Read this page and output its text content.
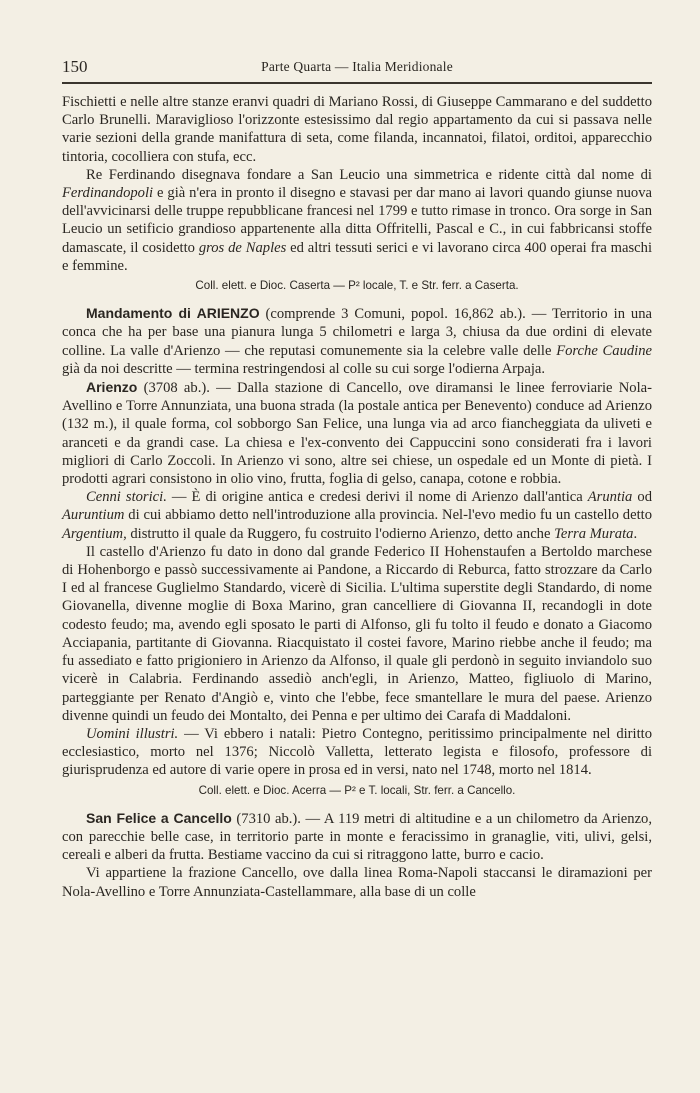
150	Parte Quarta — Italia Meridionale

Fischietti e nelle altre stanze eranvi quadri di Mariano Rossi, di Giuseppe Cammarano e del suddetto Carlo Brunelli. Maraviglioso l'orizzonte estesissimo dal regio appartamento da cui si passava nelle varie sezioni della grande manifattura di seta, come filanda, incannatoi, filatoi, orditoi, apparecchio tintoria, cocolliera con stufa, ecc.

Re Ferdinando disegnava fondare a San Leucio una simmetrica e ridente città dal nome di Ferdinandopoli e già n'era in pronto il disegno e stavasi per dar mano ai lavori quando giunse nuova dell'avvicinarsi delle truppe repubblicane francesi nel 1799 e tutto rimase in tronco. Ora sorge in San Leucio un setificio grandioso appartenente alla ditta Offritelli, Pascal e C., in cui fabbricansi stoffe damascate, il cosidetto gros de Naples ed altri tessuti serici e vi lavorano circa 400 operai fra maschi e femmine.

Coll. elett. e Dioc. Caserta — P² locale, T. e Str. ferr. a Caserta.

Mandamento di ARIENZO (comprende 3 Comuni, popol. 16,862 ab.). — Territorio in una conca che ha per base una pianura lunga 5 chilometri e larga 3, chiusa da due ordini di elevate colline. La valle d'Arienzo — che reputasi comunemente sia la celebre valle delle Forche Caudine già da noi descritte — termina restringendosi al colle su cui sorge l'odierna Arpaja.

Arienzo (3708 ab.). — Dalla stazione di Cancello, ove diramansi le linee ferroviarie Nola-Avellino e Torre Annunziata, una buona strada (la postale antica per Benevento) conduce ad Arienzo (132 m.), il quale forma, col sobborgo San Felice, una lunga via ad arco fiancheggiata da uliveti e aranceti e da grandi case. La chiesa e l'ex-convento dei Cappuccini sono considerati fra i lavori migliori di Carlo Zoccoli. In Arienzo vi sono, altre sei chiese, un ospedale ed un Monte di pietà. I prodotti agrari consistono in olio vino, frutta, foglia di gelso, canapa, cotone e robbia.

Cenni storici. — È di origine antica e credesi derivi il nome di Arienzo dall'antica Aruntia od Auruntium di cui abbiamo detto nell'introduzione alla provincia. Nel-l'evo medio fu un castello detto Argentium, distrutto il quale da Ruggero, fu costruito l'odierno Arienzo, detto anche Terra Murata.

Il castello d'Arienzo fu dato in dono dal grande Federico II Hohenstaufen a Bertoldo marchese di Hohenborgo e passò successivamente ai Pandone, a Riccardo di Reburca, fatto strozzare da Carlo I ed al francese Guglielmo Standardo, vicerè di Sicilia. L'ultima superstite degli Standardo, di nome Giovanella, divenne moglie di Boxa Marino, gran cancelliere di Giovanna II, recandogli in dote codesto feudo; ma, avendo egli sposato le parti di Alfonso, gli fu tolto il feudo e donato a Giacomo Acciapania, partitante di Giovanna. Riacquistato il costei favore, Marino riebbe anche il feudo; ma fu assediato e fatto prigioniero in Arienzo da Alfonso, il quale gli perdonò in seguito inviandolo suo vicerè in Calabria. Ferdinando assediò anch'egli, in Arienzo, Matteo, figliuolo di Marino, parteggiante per Renato d'Angiò e, vinto che l'ebbe, fece smantellare le mura del paese. Arienzo divenne quindi un feudo dei Montalto, dei Penna e per ultimo dei Carafa di Maddaloni.

Uomini illustri. — Vi ebbero i natali: Pietro Contegno, peritissimo principalmente nel diritto ecclesiastico, morto nel 1376; Niccolò Valletta, letterato legista e filosofo, professore di giurisprudenza ed autore di varie opere in prosa ed in versi, nato nel 1748, morto nel 1814.

Coll. elett. e Dioc. Acerra — P² e T. locali, Str. ferr. a Cancello.

San Felice a Cancello (7310 ab.). — A 119 metri di altitudine e a un chilometro da Arienzo, con parecchie belle case, in territorio parte in monte e feracissimo in granaglie, viti, ulivi, gelsi, cereali e alberi da frutta. Bestiame vaccino da cui si ritraggono latte, burro e cacio.

Vi appartiene la frazione Cancello, ove dalla linea Roma-Napoli staccansi le diramazioni per Nola-Avellino e Torre Annunziata-Castellammare, alla base di un colle
